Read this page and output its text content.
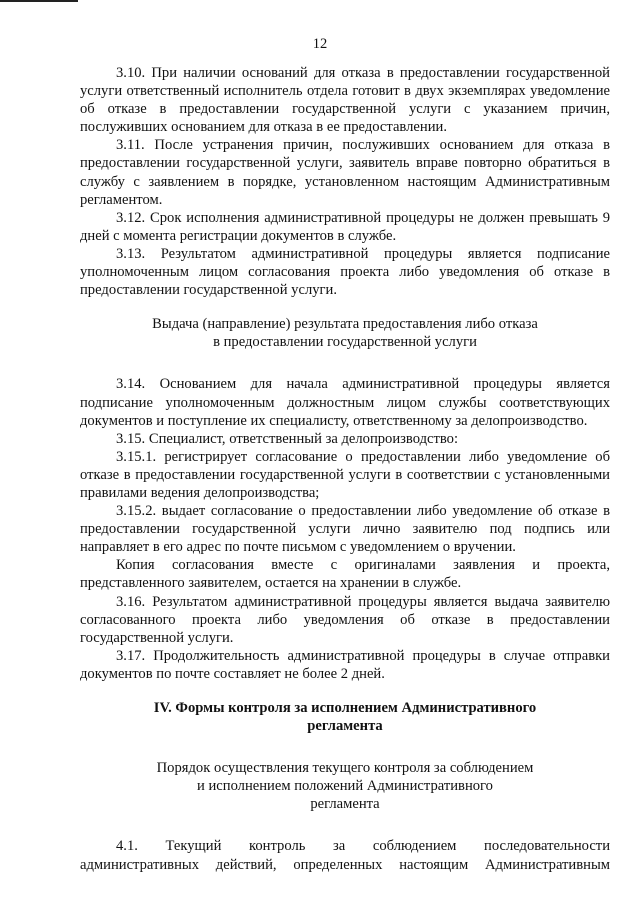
12

3.10. При наличии оснований для отказа в предоставлении государственной услуги ответственный исполнитель отдела готовит в двух экземплярах уведомление об отказе в предоставлении государственной услуги с указанием причин, послуживших основанием для отказа в ее предоставлении.

3.11. После устранения причин, послуживших основанием для отказа в предоставлении государственной услуги, заявитель вправе повторно обратиться в службу с заявлением в порядке, установленном настоящим Административным регламентом.

3.12. Срок исполнения административной процедуры не должен превышать 9 дней с момента регистрации документов в службе.

3.13. Результатом административной процедуры является подписание уполномоченным лицом согласования проекта либо уведомления об отказе в предоставлении государственной услуги.

Выдача (направление) результата предоставления либо отказа
в предоставлении государственной услуги

3.14. Основанием для начала административной процедуры является подписание уполномоченным должностным лицом службы соответствующих документов и поступление их специалисту, ответственному за делопроизводство.

3.15. Специалист, ответственный за делопроизводство:

3.15.1. регистрирует согласование о предоставлении либо уведомление об отказе в предоставлении государственной услуги в соответствии с установленными правилами ведения делопроизводства;

3.15.2. выдает согласование о предоставлении либо уведомление об отказе в предоставлении государственной услуги лично заявителю под подпись или направляет в его адрес по почте письмом с уведомлением о вручении.

Копия согласования вместе с оригиналами заявления и проекта, представленного заявителем, остается на хранении в службе.

3.16. Результатом административной процедуры является выдача заявителю согласованного проекта либо уведомления об отказе в предоставлении государственной услуги.

3.17. Продолжительность административной процедуры в случае отправки документов по почте составляет не более 2 дней.

IV. Формы контроля за исполнением Административного
регламента

Порядок осуществления текущего контроля за соблюдением
и исполнением положений Административного
регламента

4.1. Текущий контроль за соблюдением последовательности административных действий, определенных настоящим Административным
